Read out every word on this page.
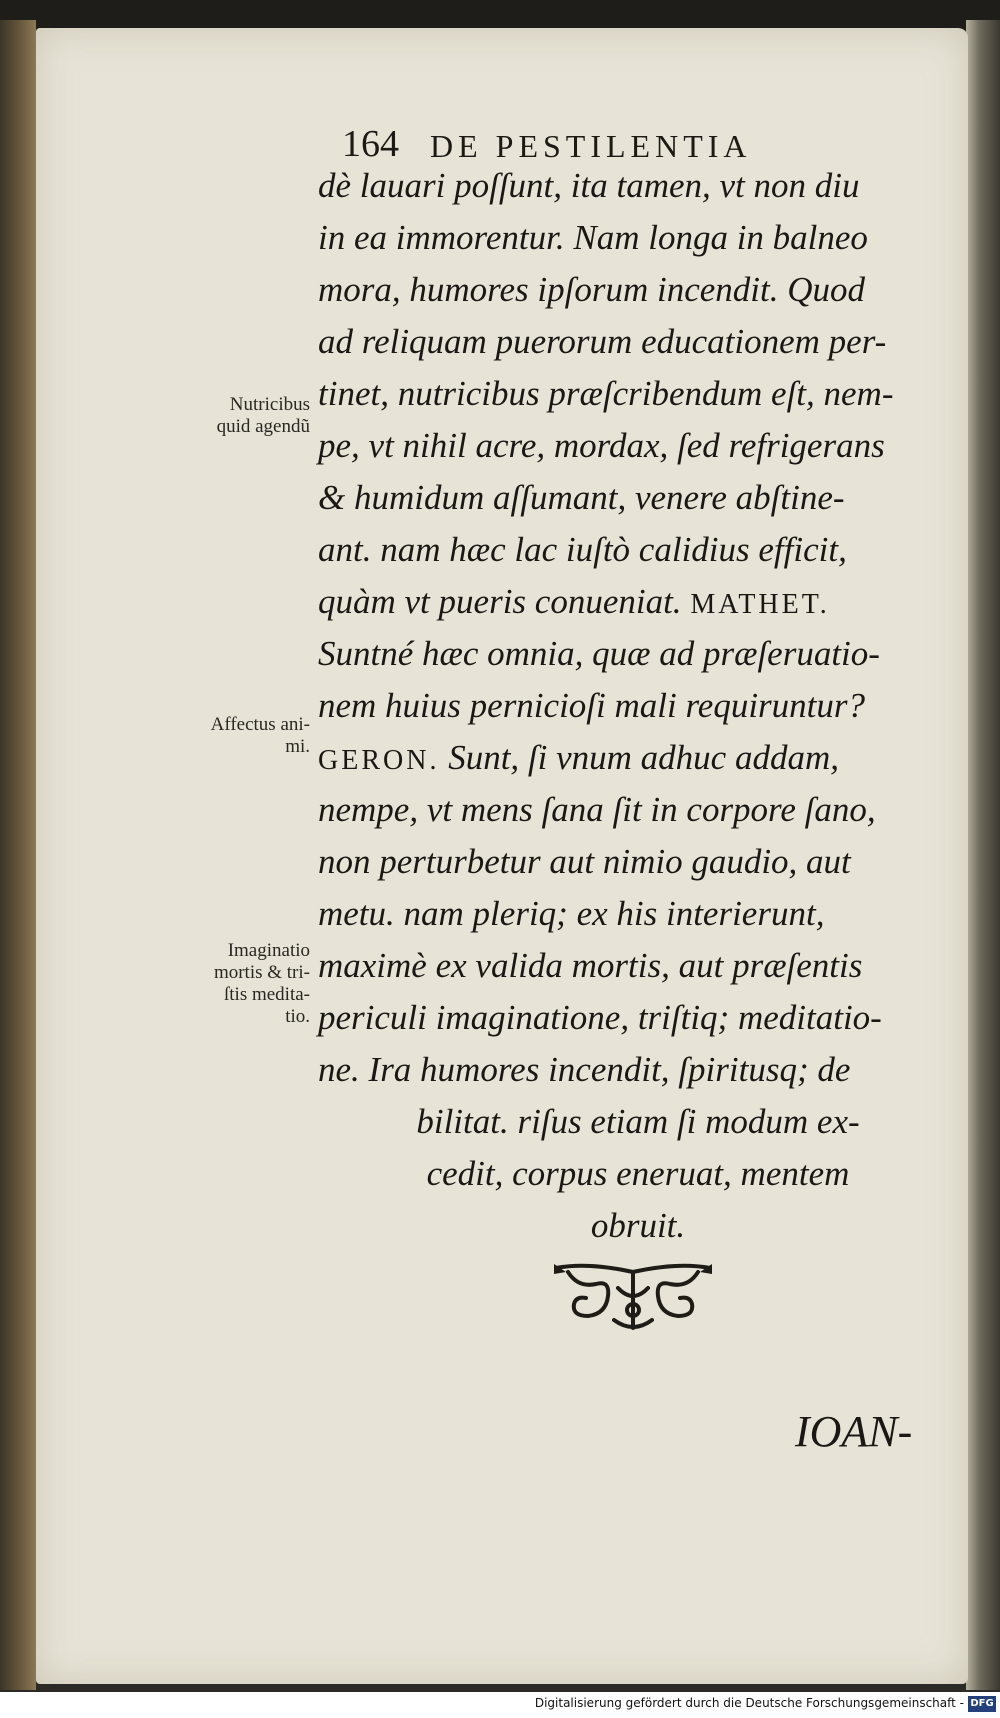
164 DE PESTILENTIA
dè lauari poſſunt, ita tamen, vt non diu
in ea immorentur. Nam longa in balneo
mora, humores ipſorum incendit. Quod
ad reliquam puerorum educationem per-
tinet, nutricibus præſcribendum eſt, nem-
pe, vt nihil acre, mordax, ſed refrigerans
& humidum aſſumant, venere abſtine-
ant. nam hæc lac iuſtò calidius efficit,
quàm vt pueris conueniat. MATHET.
Suntné hæc omnia, quæ ad præſeruatio-
nem huius pernicioſi mali requiruntur?
GERON. Sunt, ſi vnum adhuc addam,
nempe, vt mens ſana ſit in corpore ſano,
non perturbetur aut nimio gaudio, aut
metu. nam pleriq; ex his interierunt,
maximè ex valida mortis, aut præſentis
periculi imaginatione, triſtiq; meditatio-
ne. Ira humores incendit, ſpiritusq; de
bilitat. riſus etiam ſi modum ex-
cedit, corpus eneruat, mentem
obruit.
Nutricibus
quid agendũ
Affectus ani-
mi.
Imaginatio
mortis & tri-
ſtis medita-
tio.
IOAN-
Digitalisierung gefördert durch die Deutsche Forschungsgemeinschaft - DFG
